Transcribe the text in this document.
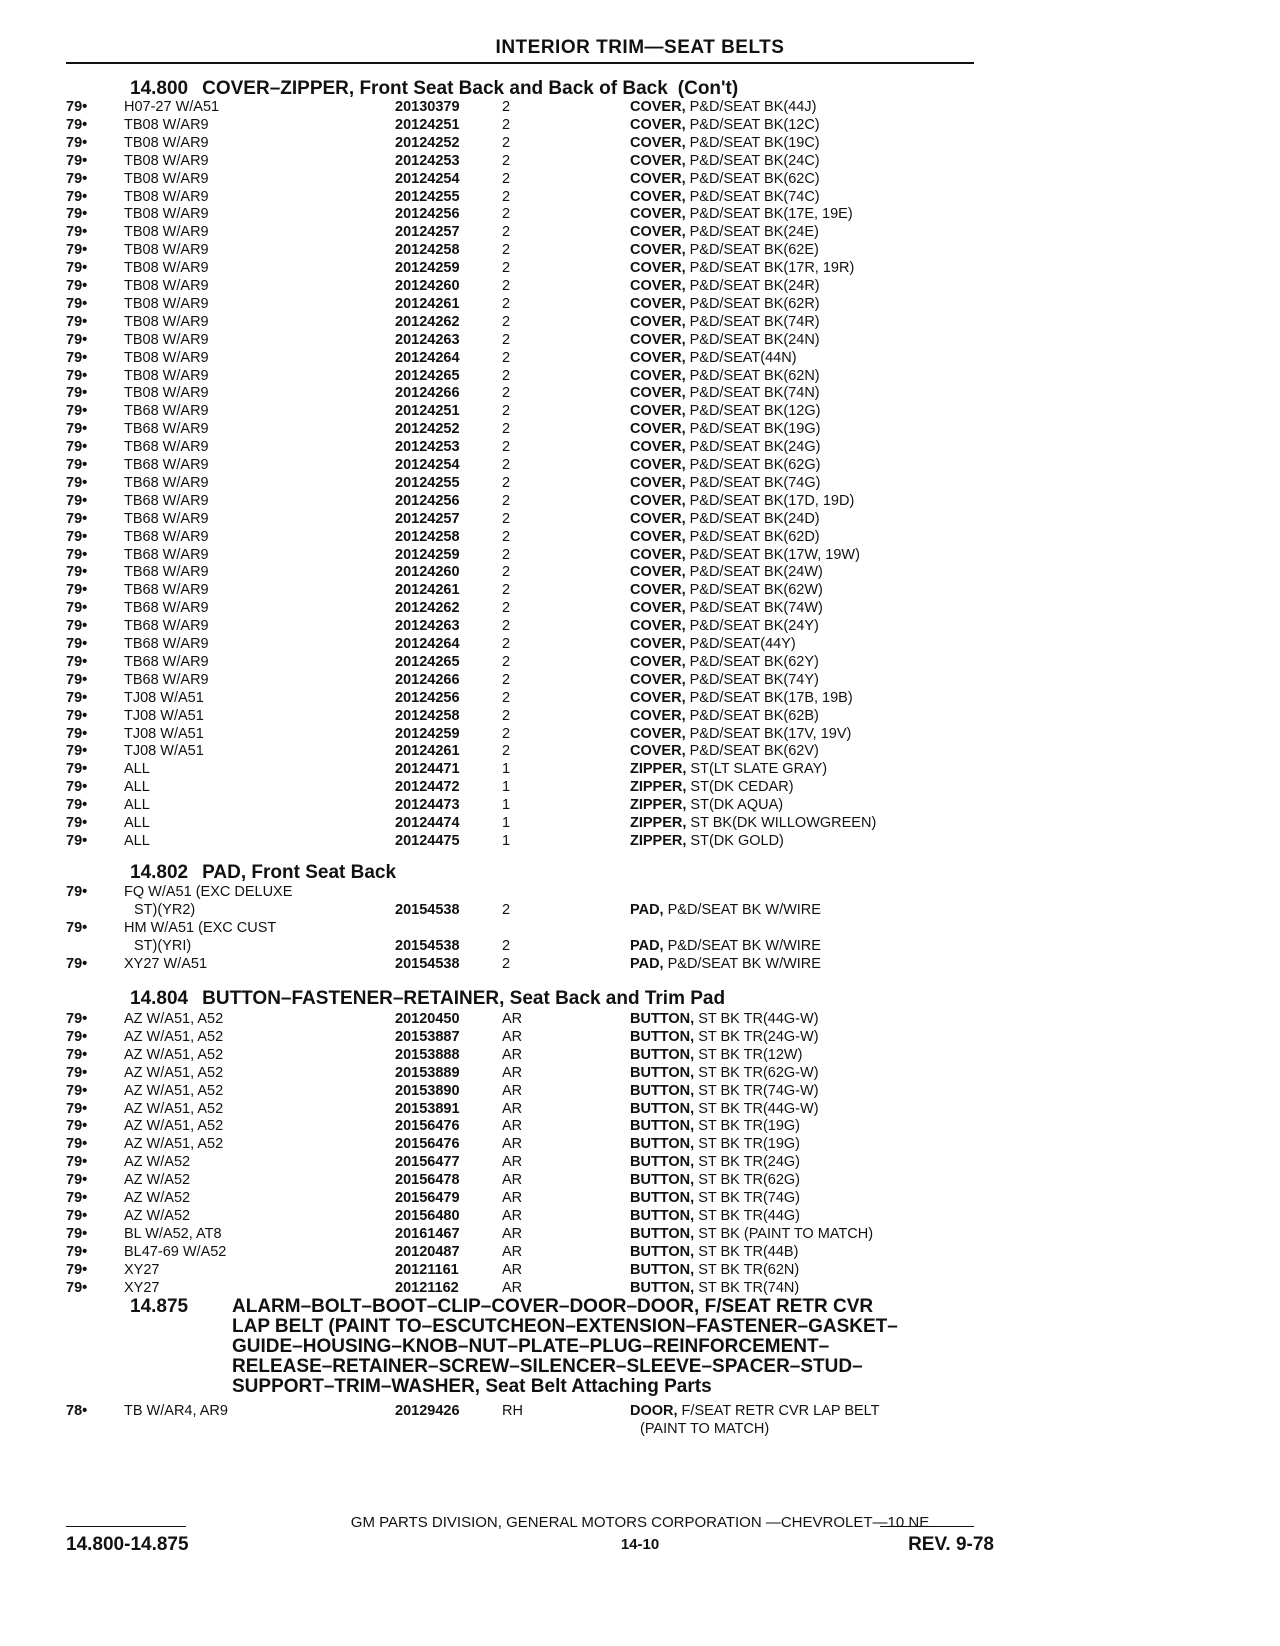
INTERIOR TRIM—SEAT BELTS
14.800 COVER–ZIPPER, Front Seat Back and Back of Back (Con't)
79•	H07-27 W/A51	20130379	2	COVER, P&D/SEAT BK(44J)
79•	TB08 W/AR9	20124251	2	COVER, P&D/SEAT BK(12C)
79•	TB08 W/AR9	20124252	2	COVER, P&D/SEAT BK(19C)
79•	TB08 W/AR9	20124253	2	COVER, P&D/SEAT BK(24C)
79•	TB08 W/AR9	20124254	2	COVER, P&D/SEAT BK(62C)
79•	TB08 W/AR9	20124255	2	COVER, P&D/SEAT BK(74C)
79•	TB08 W/AR9	20124256	2	COVER, P&D/SEAT BK(17E, 19E)
79•	TB08 W/AR9	20124257	2	COVER, P&D/SEAT BK(24E)
79•	TB08 W/AR9	20124258	2	COVER, P&D/SEAT BK(62E)
79•	TB08 W/AR9	20124259	2	COVER, P&D/SEAT BK(17R, 19R)
79•	TB08 W/AR9	20124260	2	COVER, P&D/SEAT BK(24R)
79•	TB08 W/AR9	20124261	2	COVER, P&D/SEAT BK(62R)
79•	TB08 W/AR9	20124262	2	COVER, P&D/SEAT BK(74R)
79•	TB08 W/AR9	20124263	2	COVER, P&D/SEAT BK(24N)
79•	TB08 W/AR9	20124264	2	COVER, P&D/SEAT(44N)
79•	TB08 W/AR9	20124265	2	COVER, P&D/SEAT BK(62N)
79•	TB08 W/AR9	20124266	2	COVER, P&D/SEAT BK(74N)
79•	TB68 W/AR9	20124251	2	COVER, P&D/SEAT BK(12G)
79•	TB68 W/AR9	20124252	2	COVER, P&D/SEAT BK(19G)
79•	TB68 W/AR9	20124253	2	COVER, P&D/SEAT BK(24G)
79•	TB68 W/AR9	20124254	2	COVER, P&D/SEAT BK(62G)
79•	TB68 W/AR9	20124255	2	COVER, P&D/SEAT BK(74G)
79•	TB68 W/AR9	20124256	2	COVER, P&D/SEAT BK(17D, 19D)
79•	TB68 W/AR9	20124257	2	COVER, P&D/SEAT BK(24D)
79•	TB68 W/AR9	20124258	2	COVER, P&D/SEAT BK(62D)
79•	TB68 W/AR9	20124259	2	COVER, P&D/SEAT BK(17W, 19W)
79•	TB68 W/AR9	20124260	2	COVER, P&D/SEAT BK(24W)
79•	TB68 W/AR9	20124261	2	COVER, P&D/SEAT BK(62W)
79•	TB68 W/AR9	20124262	2	COVER, P&D/SEAT BK(74W)
79•	TB68 W/AR9	20124263	2	COVER, P&D/SEAT BK(24Y)
79•	TB68 W/AR9	20124264	2	COVER, P&D/SEAT(44Y)
79•	TB68 W/AR9	20124265	2	COVER, P&D/SEAT BK(62Y)
79•	TB68 W/AR9	20124266	2	COVER, P&D/SEAT BK(74Y)
79•	TJ08 W/A51	20124256	2	COVER, P&D/SEAT BK(17B, 19B)
79•	TJ08 W/A51	20124258	2	COVER, P&D/SEAT BK(62B)
79•	TJ08 W/A51	20124259	2	COVER, P&D/SEAT BK(17V, 19V)
79•	TJ08 W/A51	20124261	2	COVER, P&D/SEAT BK(62V)
79•	ALL	20124471	1	ZIPPER, ST(LT SLATE GRAY)
79•	ALL	20124472	1	ZIPPER, ST(DK CEDAR)
79•	ALL	20124473	1	ZIPPER, ST(DK AQUA)
79•	ALL	20124474	1	ZIPPER, ST BK(DK WILLOWGREEN)
79•	ALL	20124475	1	ZIPPER, ST(DK GOLD)
14.802 PAD, Front Seat Back
79•	FQ W/A51 (EXC DELUXE
ST)(YR2)	20154538	2	PAD, P&D/SEAT BK W/WIRE
79•	HM W/A51 (EXC CUST
ST)(YRI)	20154538	2	PAD, P&D/SEAT BK W/WIRE
79•	XY27 W/A51	20154538	2	PAD, P&D/SEAT BK W/WIRE
14.804 BUTTON–FASTENER–RETAINER, Seat Back and Trim Pad
79•	AZ W/A51, A52	20120450	AR	BUTTON, ST BK TR(44G-W)
79•	AZ W/A51, A52	20153887	AR	BUTTON, ST BK TR(24G-W)
79•	AZ W/A51, A52	20153888	AR	BUTTON, ST BK TR(12W)
79•	AZ W/A51, A52	20153889	AR	BUTTON, ST BK TR(62G-W)
79•	AZ W/A51, A52	20153890	AR	BUTTON, ST BK TR(74G-W)
79•	AZ W/A51, A52	20153891	AR	BUTTON, ST BK TR(44G-W)
79•	AZ W/A51, A52	20156476	AR	BUTTON, ST BK TR(19G)
79•	AZ W/A51, A52	20156476	AR	BUTTON, ST BK TR(19G)
79•	AZ W/A52	20156477	AR	BUTTON, ST BK TR(24G)
79•	AZ W/A52	20156478	AR	BUTTON, ST BK TR(62G)
79•	AZ W/A52	20156479	AR	BUTTON, ST BK TR(74G)
79•	AZ W/A52	20156480	AR	BUTTON, ST BK TR(44G)
79•	BL W/A52, AT8	20161467	AR	BUTTON, ST BK (PAINT TO MATCH)
79•	BL47-69 W/A52	20120487	AR	BUTTON, ST BK TR(44B)
79•	XY27	20121161	AR	BUTTON, ST BK TR(62N)
79•	XY27	20121162	AR	BUTTON, ST BK TR(74N)
14.875 ALARM–BOLT–BOOT–CLIP–COVER–DOOR–DOOR, F/SEAT RETR CVR
LAP BELT (PAINT TO–ESCUTCHEON–EXTENSION–FASTENER–GASKET–
GUIDE–HOUSING–KNOB–NUT–PLATE–PLUG–REINFORCEMENT–
RELEASE–RETAINER–SCREW–SILENCER–SLEEVE–SPACER–STUD–
SUPPORT–TRIM–WASHER, Seat Belt Attaching Parts
78•	TB W/AR4, AR9	20129426	RH	DOOR, F/SEAT RETR CVR LAP BELT
(PAINT TO MATCH)
GM PARTS DIVISION, GENERAL MOTORS CORPORATION —CHEVROLET—10 NE
14.800-14.875	14-10	REV. 9-78
